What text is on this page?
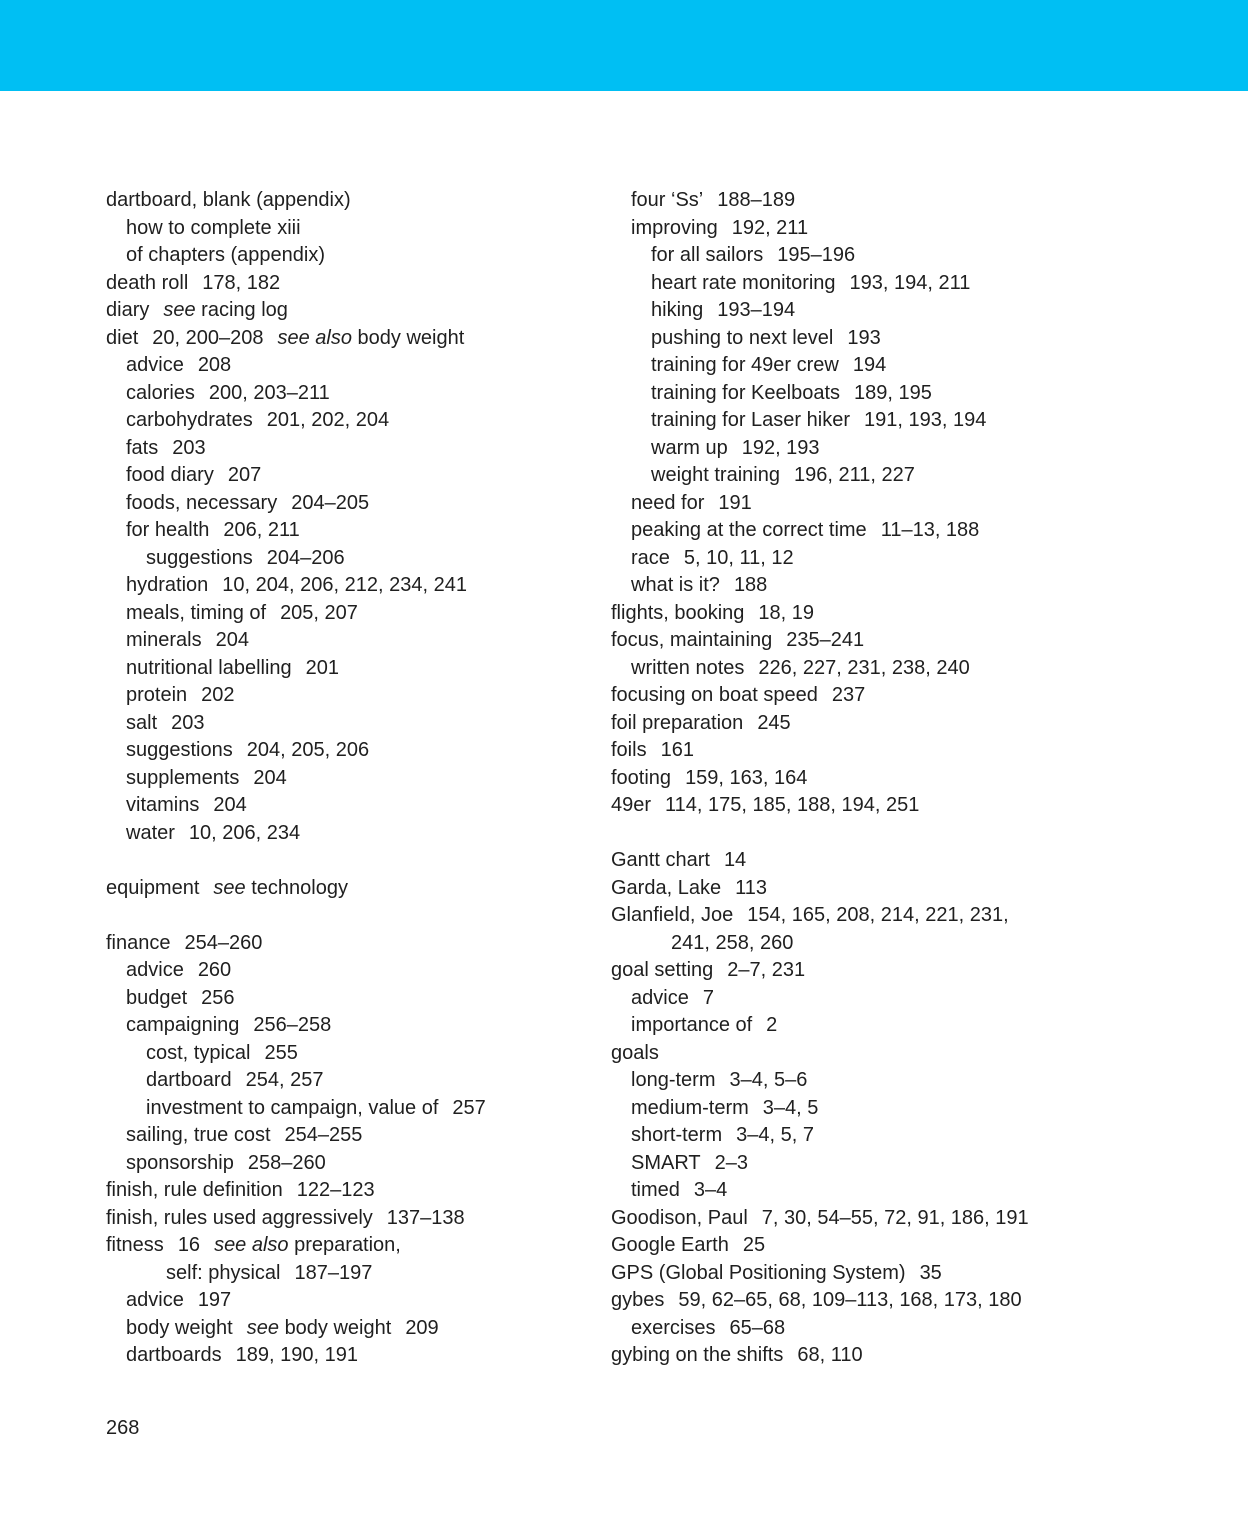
dartboard, blank (appendix)
how to complete xiii
of chapters (appendix)
death roll 178, 182
diary see racing log
diet 20, 200–208 see also body weight
advice 208
calories 200, 203–211
carbohydrates 201, 202, 204
fats 203
food diary 207
foods, necessary 204–205
for health 206, 211
suggestions 204–206
hydration 10, 204, 206, 212, 234, 241
meals, timing of 205, 207
minerals 204
nutritional labelling 201
protein 202
salt 203
suggestions 204, 205, 206
supplements 204
vitamins 204
water 10, 206, 234
equipment see technology
finance 254–260
advice 260
budget 256
campaigning 256–258
cost, typical 255
dartboard 254, 257
investment to campaign, value of 257
sailing, true cost 254–255
sponsorship 258–260
finish, rule definition 122–123
finish, rules used aggressively 137–138
fitness 16 see also preparation,
self: physical 187–197
advice 197
body weight see body weight 209
dartboards 189, 190, 191
four ‘Ss’ 188–189
improving 192, 211
for all sailors 195–196
heart rate monitoring 193, 194, 211
hiking 193–194
pushing to next level 193
training for 49er crew 194
training for Keelboats 189, 195
training for Laser hiker 191, 193, 194
warm up 192, 193
weight training 196, 211, 227
need for 191
peaking at the correct time 11–13, 188
race 5, 10, 11, 12
what is it? 188
flights, booking 18, 19
focus, maintaining 235–241
written notes 226, 227, 231, 238, 240
focusing on boat speed 237
foil preparation 245
foils 161
footing 159, 163, 164
49er 114, 175, 185, 188, 194, 251
Gantt chart 14
Garda, Lake 113
Glanfield, Joe 154, 165, 208, 214, 221, 231,
241, 258, 260
goal setting 2–7, 231
advice 7
importance of 2
goals
long-term 3–4, 5–6
medium-term 3–4, 5
short-term 3–4, 5, 7
SMART 2–3
timed 3–4
Goodison, Paul 7, 30, 54–55, 72, 91, 186, 191
Google Earth 25
GPS (Global Positioning System) 35
gybes 59, 62–65, 68, 109–113, 168, 173, 180
exercises 65–68
gybing on the shifts 68, 110
268
